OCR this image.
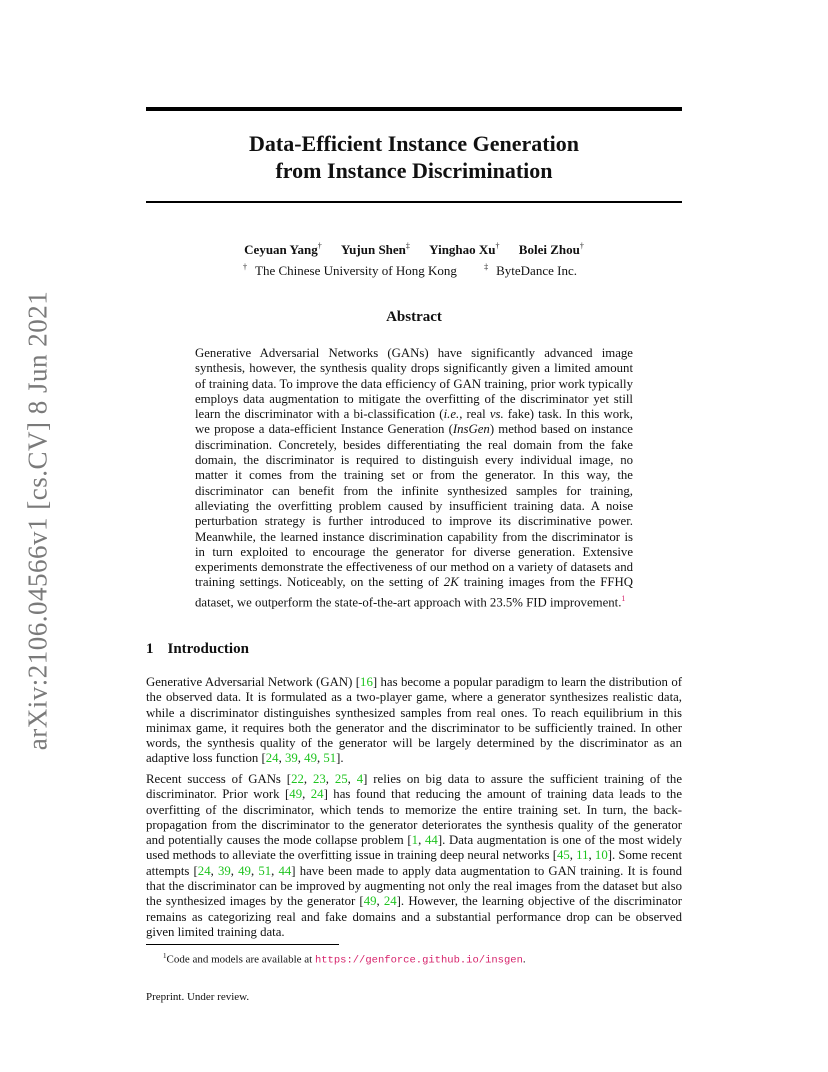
arXiv:2106.04566v1 [cs.CV] 8 Jun 2021
Data-Efficient Instance Generation
from Instance Discrimination
Ceyuan Yang† Yujun Shen‡ Yinghao Xu† Bolei Zhou†
† The Chinese University of Hong Kong	‡ ByteDance Inc.
Abstract
Generative Adversarial Networks (GANs) have significantly advanced image synthesis, however, the synthesis quality drops significantly given a limited amount of training data. To improve the data efficiency of GAN training, prior work typically employs data augmentation to mitigate the overfitting of the discriminator yet still learn the discriminator with a bi-classification (i.e., real vs. fake) task. In this work, we propose a data-efficient Instance Generation (InsGen) method based on instance discrimination. Concretely, besides differentiating the real domain from the fake domain, the discriminator is required to distinguish every individual image, no matter it comes from the training set or from the generator. In this way, the discriminator can benefit from the infinite synthesized samples for training, alleviating the overfitting problem caused by insufficient training data. A noise perturbation strategy is further introduced to improve its discriminative power. Meanwhile, the learned instance discrimination capability from the discriminator is in turn exploited to encourage the generator for diverse generation. Extensive experiments demonstrate the effectiveness of our method on a variety of datasets and training settings. Noticeably, on the setting of 2K training images from the FFHQ dataset, we outperform the state-of-the-art approach with 23.5% FID improvement.$^1$
1 Introduction
Generative Adversarial Network (GAN) [16] has become a popular paradigm to learn the distribution of the observed data. It is formulated as a two-player game, where a generator synthesizes realistic data, while a discriminator distinguishes synthesized samples from real ones. To reach equilibrium in this minimax game, it requires both the generator and the discriminator to be sufficiently trained. In other words, the synthesis quality of the generator will be largely determined by the discriminator as an adaptive loss function [24, 39, 49, 51].
Recent success of GANs [22, 23, 25, 4] relies on big data to assure the sufficient training of the discriminator. Prior work [49, 24] has found that reducing the amount of training data leads to the overfitting of the discriminator, which tends to memorize the entire training set. In turn, the back-propagation from the discriminator to the generator deteriorates the synthesis quality of the generator and potentially causes the mode collapse problem [1, 44]. Data augmentation is one of the most widely used methods to alleviate the overfitting issue in training deep neural networks [45, 11, 10]. Some recent attempts [24, 39, 49, 51, 44] have been made to apply data augmentation to GAN training. It is found that the discriminator can be improved by augmenting not only the real images from the dataset but also the synthesized images by the generator [49, 24]. However, the learning objective of the discriminator remains as categorizing real and fake domains and a substantial performance drop can be observed given limited training data.
$^1$Code and models are available at https://genforce.github.io/insgen.
Preprint. Under review.
